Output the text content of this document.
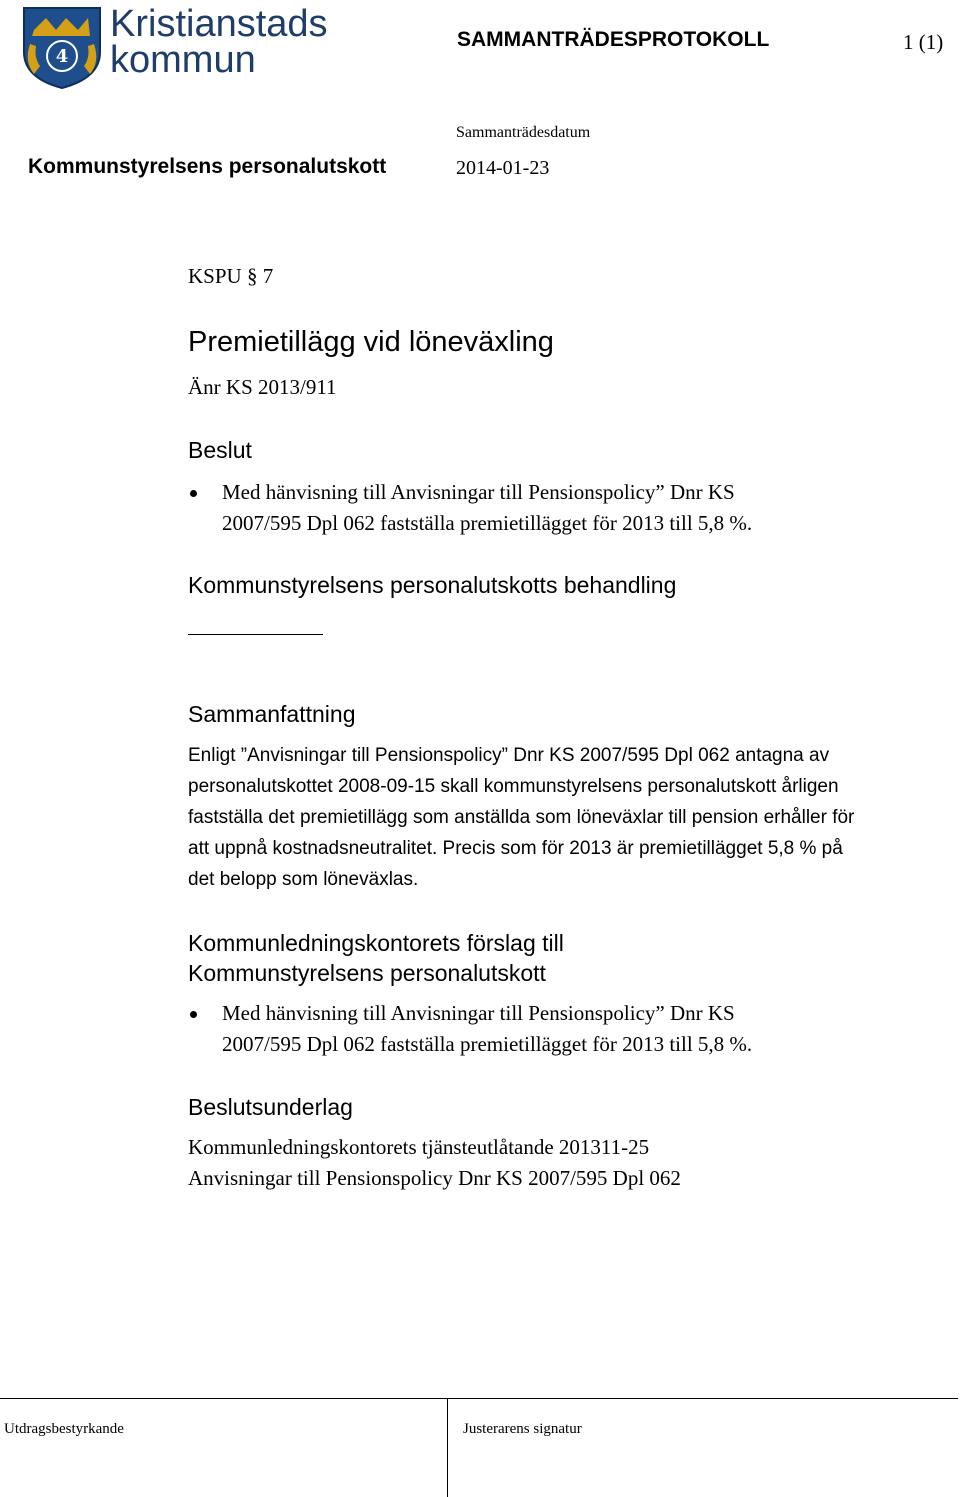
4
Kristianstads
kommun	SAMMANTRÄDESPROTOKOLL	1 (1)
Sammanträdesdatum
Kommunstyrelsens personalutskott	2014-01-23
KSPU § 7
Premietillägg vid löneväxling
Änr KS 2013/911
Beslut
Med hänvisning till Anvisningar till Pensionspolicy” Dnr KS 2007/595 Dpl 062 fastställa premietillägget för 2013 till 5,8 %.
Kommunstyrelsens personalutskotts behandling
Sammanfattning
Enligt ”Anvisningar till Pensionspolicy” Dnr KS 2007/595 Dpl 062 antagna av personalutskottet 2008-09-15 skall kommunstyrelsens personalutskott årligen fastställa det premietillägg som anställda som löneväxlar till pension erhåller för att uppnå kostnadsneutralitet. Precis som för 2013 är premietillägget 5,8 % på det belopp som löneväxlas.
Kommunledningskontorets förslag till
Kommunstyrelsens personalutskott
Med hänvisning till Anvisningar till Pensionspolicy” Dnr KS 2007/595 Dpl 062 fastställa premietillägget för 2013 till 5,8 %.
Beslutsunderlag
Kommunledningskontorets tjänsteutlåtande 201311-25
Anvisningar till Pensionspolicy Dnr KS 2007/595 Dpl 062
Utdragsbestyrkande	Justerarens signatur
